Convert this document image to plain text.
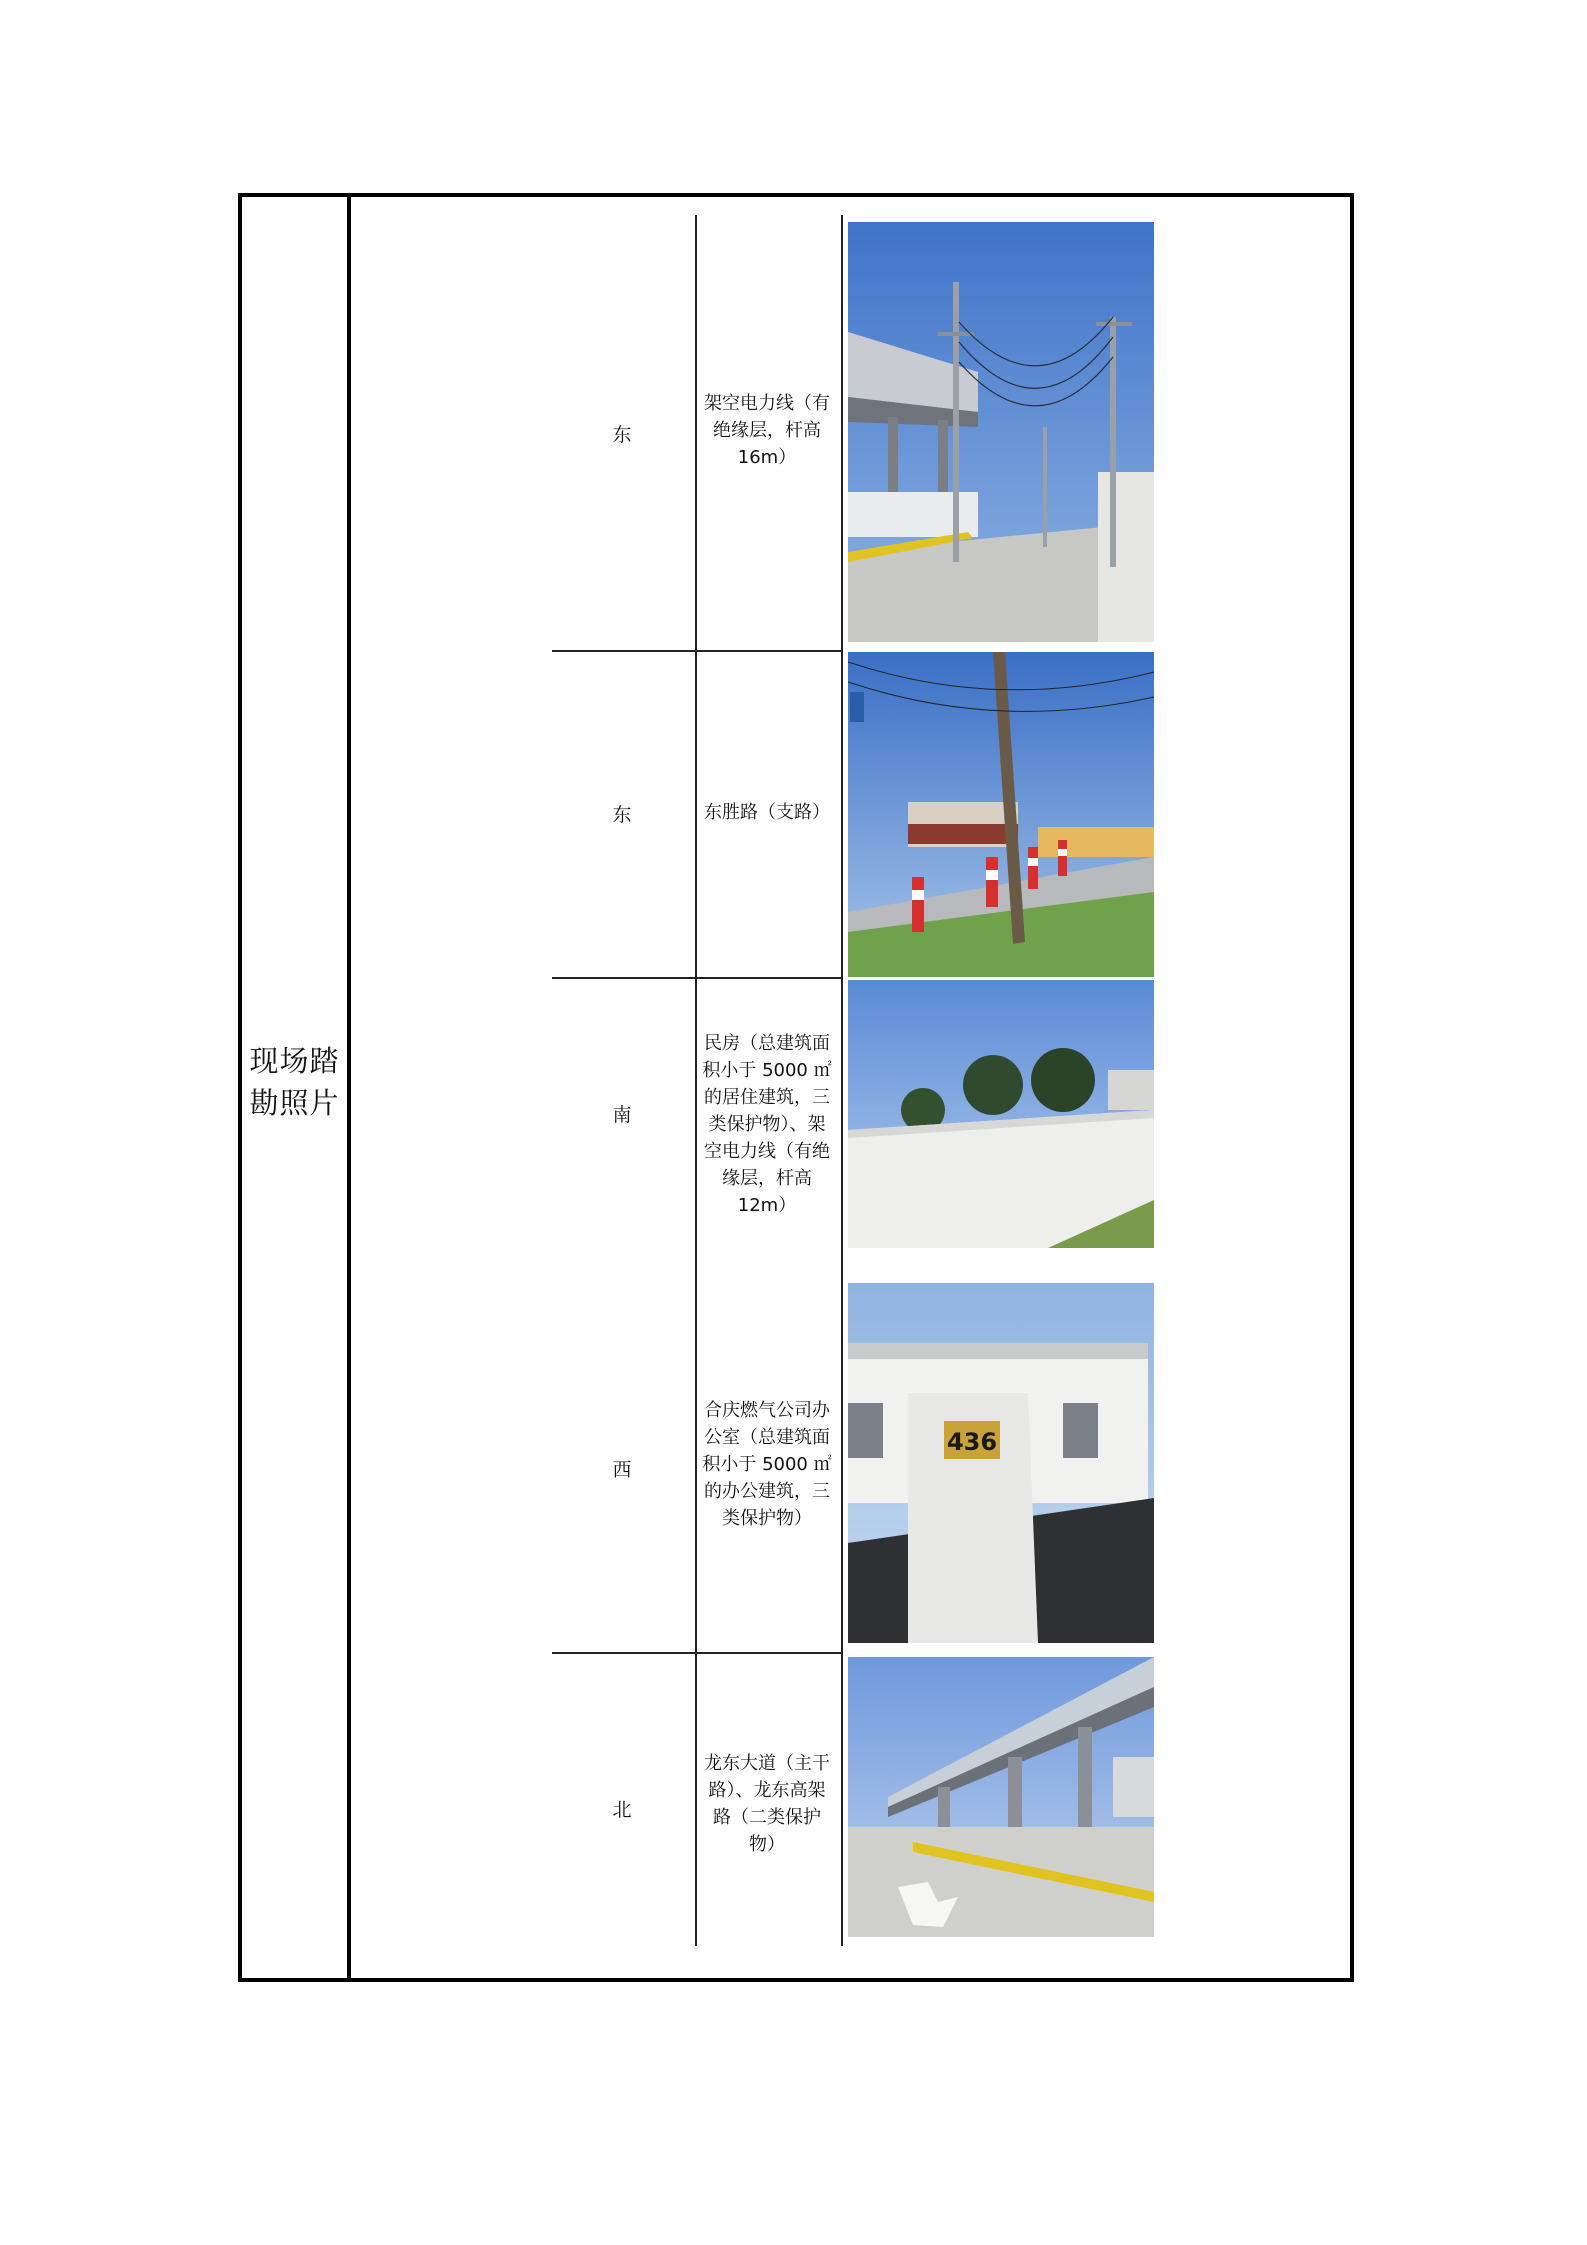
现场踏勘照片
东
架空电力线（有绝缘层，杆高16m）
东	东胜路（支路）
南
民房（总建筑面积小于 5000 ㎡的居住建筑，三类保护物）、架空电力线（有绝缘层，杆高 12m）
西
合庆燃气公司办公室（总建筑面积小于 5000 ㎡的办公建筑，三类保护物）
436
北
龙东大道（主干路）、龙东高架路（二类保护物）
